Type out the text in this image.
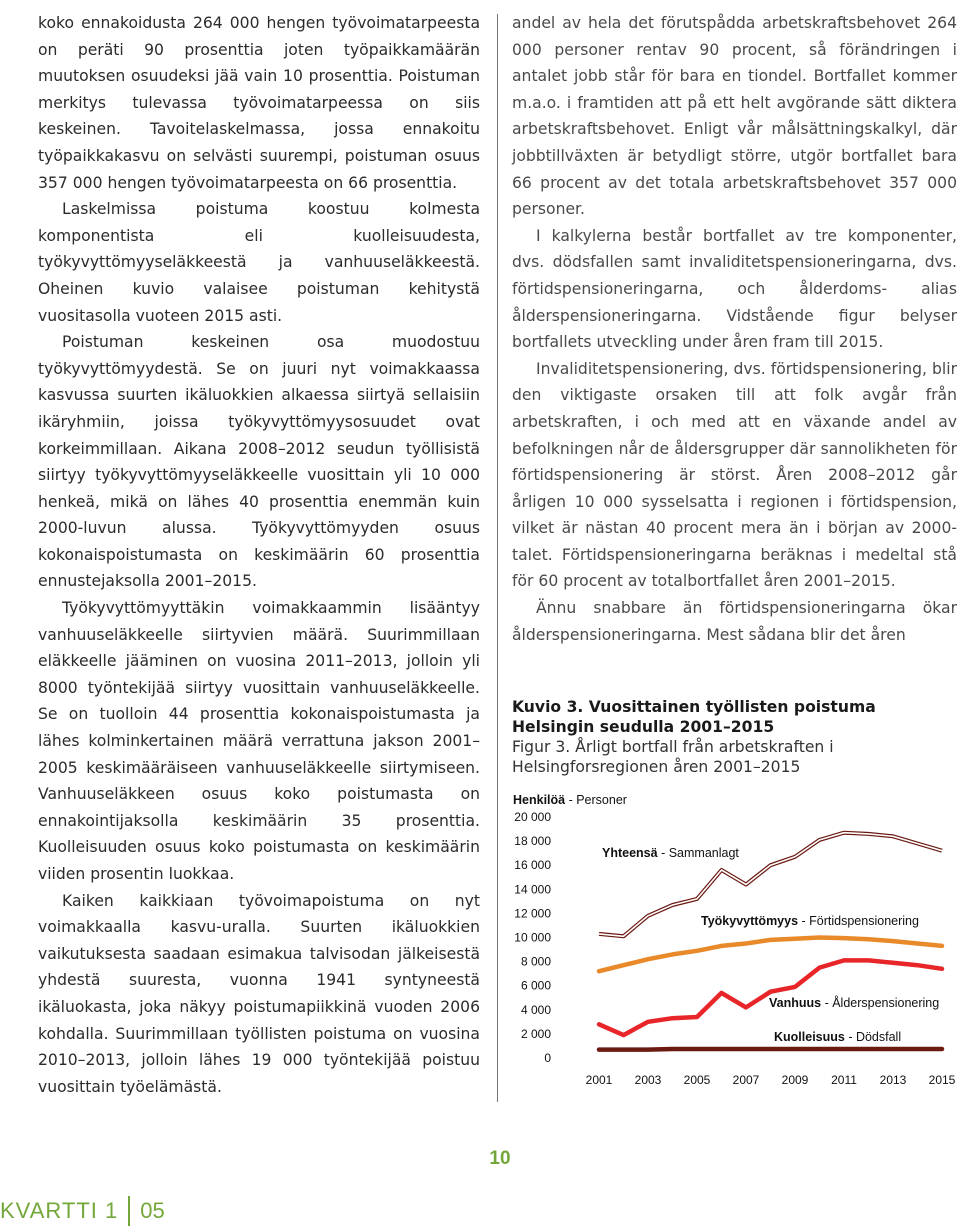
koko ennakoidusta 264 000 hengen työvoimatarpeesta on peräti 90 prosenttia joten työpaikkamäärän muutoksen osuudeksi jää vain 10 prosenttia. Poistuman merkitys tulevassa työvoimatarpeessa on siis keskeinen. Tavoitelaskelmassa, jossa ennakoitu työpaikkakasvu on selvästi suurempi, poistuman osuus 357 000 hengen työvoimatarpeesta on 66 prosenttia.

Laskelmissa poistuma koostuu kolmesta komponentista eli kuolleisuudesta, työkyvyttömyyseläkkeestä ja vanhuuseläkkeestä. Oheinen kuvio valaisee poistuman kehitystä vuositasolla vuoteen 2015 asti.

Poistuman keskeinen osa muodostuu työkyvyttömyydestä. Se on juuri nyt voimakkaassa kasvussa suurten ikäluokkien alkaessa siirtyä sellaisiin ikäryhmiin, joissa työkyvyttömyysosuudet ovat korkeimmillaan. Aikana 2008–2012 seudun työllisistä siirtyy työkyvyttömyyseläkkeelle vuosittain yli 10 000 henkeä, mikä on lähes 40 prosenttia enemmän kuin 2000-luvun alussa. Työkyvyttömyyden osuus kokonaispoistumasta on keskimäärin 60 prosenttia ennustejaksolla 2001–2015.

Työkyvyttömyyttäkin voimakkaammin lisääntyy vanhuuseläkkeelle siirtyvien määrä. Suurimmillaan eläkkeelle jääminen on vuosina 2011–2013, jolloin yli 8000 työntekijää siirtyy vuosittain vanhuuseläkkeelle. Se on tuolloin 44 prosenttia kokonaispoistumasta ja lähes kolminkertainen määrä verrattuna jakson 2001–2005 keskimääräiseen vanhuuseläkkeelle siirtymiseen. Vanhuuseläkkeen osuus koko poistumasta on ennakointijaksolla keskimäärin 35 prosenttia. Kuolleisuuden osuus koko poistumasta on keskimäärin viiden prosentin luokkaa.

Kaiken kaikkiaan työvoimapoistuma on nyt voimakkaalla kasvu-uralla. Suurten ikäluokkien vaikutuksesta saadaan esimakua talvisodan jälkeisestä yhdestä suuresta, vuonna 1941 syntyneestä ikäluokasta, joka näkyy poistumapiikkinä vuoden 2006 kohdalla. Suurimmillaan työllisten poistuma on vuosina 2010–2013, jolloin lähes 19 000 työntekijää poistuu vuosittain työelämästä.

andel av hela det förutspådda arbetskraftsbehovet 264 000 personer rentav 90 procent, så förändringen i antalet jobb står för bara en tiondel. Bortfallet kommer m.a.o. i framtiden att på ett helt avgörande sätt diktera arbetskraftsbehovet. Enligt vår målsättningskalkyl, där jobbtillväxten är betydligt större, utgör bortfallet bara 66 procent av det totala arbetskraftsbehovet 357 000 personer.

I kalkylerna består bortfallet av tre komponenter, dvs. dödsfallen samt invaliditetspensioneringarna, dvs. förtidspensioneringarna, och ålderdoms- alias ålderspensioneringarna. Vidstående figur belyser bortfallets utveckling under åren fram till 2015.

Invaliditetspensionering, dvs. förtidspensionering, blir den viktigaste orsaken till att folk avgår från arbetskraften, i och med att en växande andel av befolkningen når de åldersgrupper där sannolikheten för förtidspensionering är störst. Åren 2008–2012 går årligen 10 000 sysselsatta i regionen i förtidspension, vilket är nästan 40 procent mera än i början av 2000-talet. Förtidspensioneringarna beräknas i medeltal stå för 60 procent av totalbortfallet åren 2001–2015.

Ännu snabbare än förtidspensioneringarna ökar ålderspensioneringarna. Mest sådana blir det åren

Kuvio 3. Vuosittainen työllisten poistuma Helsingin seudulla 2001–2015
Figur 3. Årligt bortfall från arbetskraften i Helsingforsregionen åren 2001–2015
Henkilöä - Personer
20 000
18 000
16 000
14 000
12 000
10 000
8 000
6 000
4 000
2 000
0
2001 2003 2005 2007 2009 2011 2013 2015
Yhteensä - Sammanlagt
Työkyvyttömyys - Förtidspensionering
Vanhuus - Ålderspensionering
Kuolleisuus - Dödsfall
10
KVARTTI 1 05
